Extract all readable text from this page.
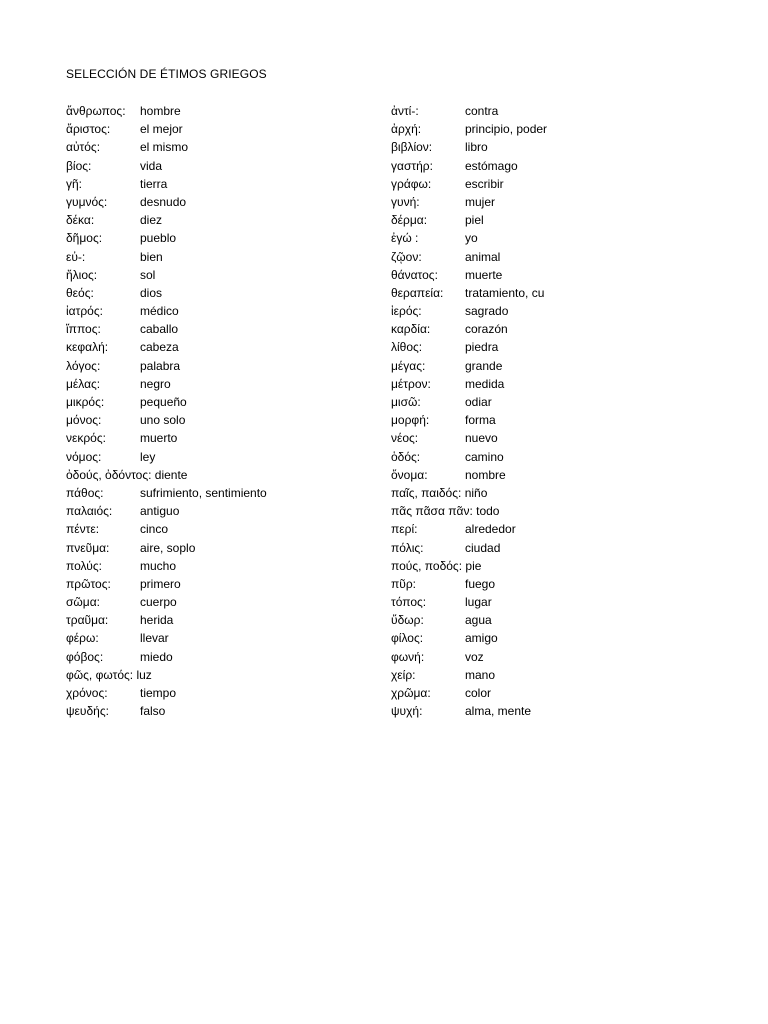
SELECCIÓN DE ÉTIMOS GRIEGOS
ἄνθρωπος: hombre
ἄριστος: el mejor
αὐτός:	el mismo
βίος:	vida
γῆ:	tierra
γυμνός:	desnudo
δέκα:	diez
δῆμος:	pueblo
εὐ-:	bien
ἥλιος:	sol
θεός:	dios
ἰατρός:	médico
ἵππος:	caballo
κεφαλή:	cabeza
λόγος:	palabra
μέλας:	negro
μικρός:	pequeño
μόνος:	uno solo
νεκρός:	muerto
νόμος:	ley
ὀδούς, ὀδόντος: diente
πάθος:	sufrimiento, sentimiento
παλαιός: antiguo
πέντε:	cinco
πνεῦμα:	aire, soplo
πολύς:	mucho
πρῶτος: primero
σῶμα:	cuerpo
τραῦμα:	herida
φέρω:	llevar
φόβος:	miedo
φῶς, φωτός: luz
χρόνος:	tiempo
ψευδής:	falso
ἀντί-:	contra
ἀρχή:	principio, poder
βιβλίον:	libro
γαστήρ:	estómago
γράφω:	escribir
γυνή:	mujer
δέρμα:	piel
ἐγώ :	yo
ζῷον:	animal
θάνατος: muerte
θεραπεία: tratamiento, cu
ἱερός:	sagrado
καρδία:	corazón
λίθος:	piedra
μέγας:	grande
μέτρον:	medida
μισῶ:	odiar
μορφή:	forma
νέος:	nuevo
ὁδός:	camino
ὄνομα:	nombre
παῖς, παιδός: niño
πᾶς πᾶσα πᾶν: todo
περί:	alrededor
πόλις:	ciudad
πούς, ποδός: pie
πῦρ:	fuego
τόπος:	lugar
ὕδωρ:	agua
φίλος:	amigo
φωνή:	voz
χείρ:	mano
χρῶμα:	color
ψυχή:	alma, mente
